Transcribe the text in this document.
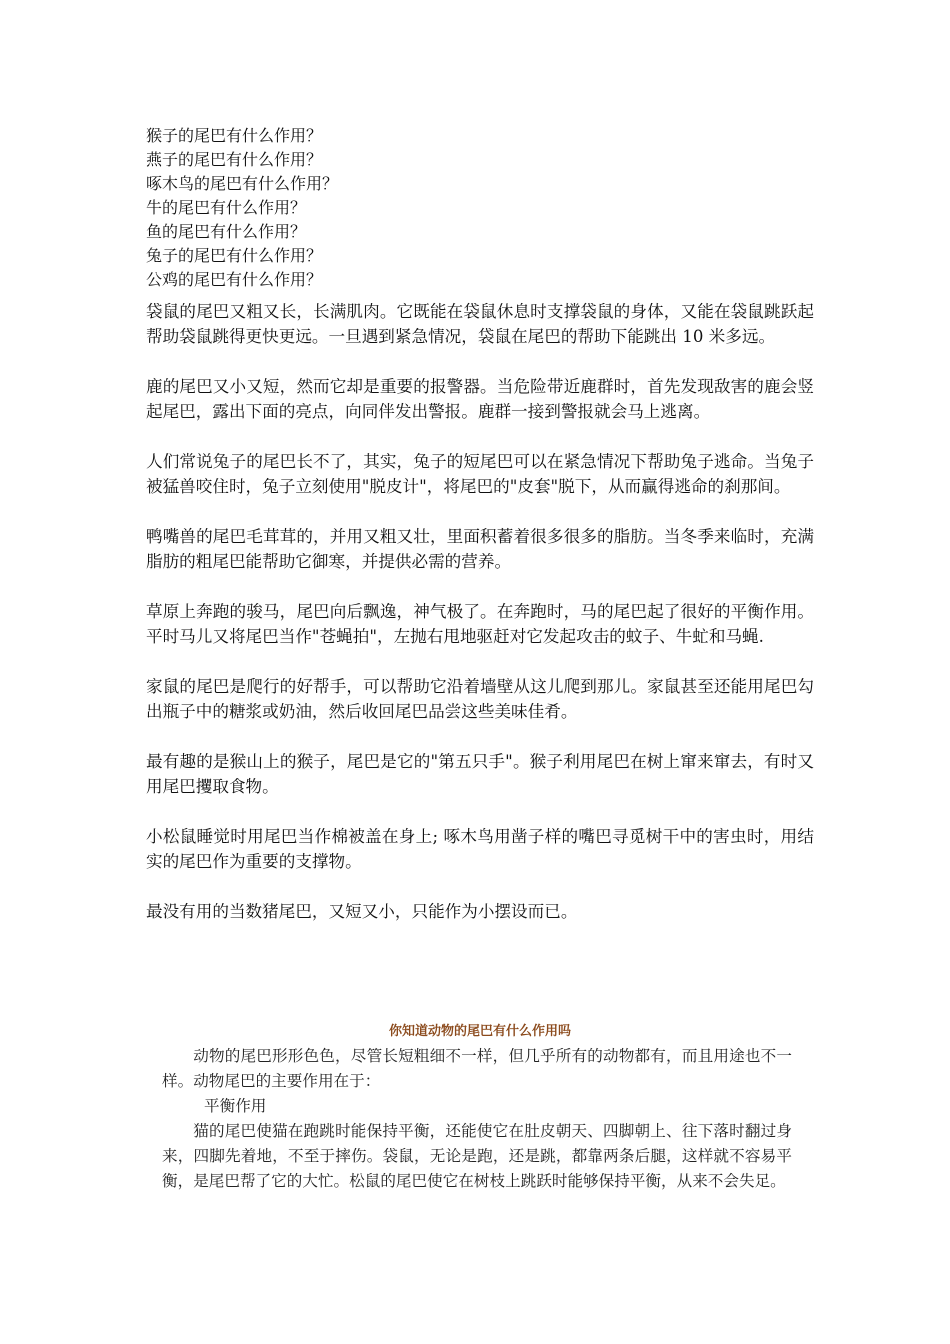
猴子的尾巴有什么作用？
燕子的尾巴有什么作用？
啄木鸟的尾巴有什么作用？
牛的尾巴有什么作用？
鱼的尾巴有什么作用？
兔子的尾巴有什么作用？
公鸡的尾巴有什么作用？

袋鼠的尾巴又粗又长，长满肌肉。它既能在袋鼠休息时支撑袋鼠的身体，又能在袋鼠跳跃起帮助袋鼠跳得更快更远。一旦遇到紧急情况，袋鼠在尾巴的帮助下能跳出 10 米多远。

鹿的尾巴又小又短，然而它却是重要的报警器。当危险带近鹿群时，首先发现敌害的鹿会竖起尾巴，露出下面的亮点，向同伴发出警报。鹿群一接到警报就会马上逃离。

人们常说兔子的尾巴长不了，其实，兔子的短尾巴可以在紧急情况下帮助兔子逃命。当兔子被猛兽咬住时，兔子立刻使用"脱皮计"，将尾巴的"皮套"脱下，从而赢得逃命的刹那间。

鸭嘴兽的尾巴毛茸茸的，并用又粗又壮，里面积蓄着很多很多的脂肪。当冬季来临时，充满脂肪的粗尾巴能帮助它御寒，并提供必需的营养。

草原上奔跑的骏马，尾巴向后飘逸，神气极了。在奔跑时，马的尾巴起了很好的平衡作用。平时马儿又将尾巴当作"苍蝇拍"，左抛右甩地驱赶对它发起攻击的蚊子、牛虻和马蝇.

家鼠的尾巴是爬行的好帮手，可以帮助它沿着墙壁从这儿爬到那儿。家鼠甚至还能用尾巴勾出瓶子中的糖浆或奶油，然后收回尾巴品尝这些美味佳肴。

最有趣的是猴山上的猴子，尾巴是它的"第五只手"。猴子利用尾巴在树上窜来窜去，有时又用尾巴攫取食物。

小松鼠睡觉时用尾巴当作棉被盖在身上; 啄木鸟用凿子样的嘴巴寻觅树干中的害虫时，用结实的尾巴作为重要的支撑物。

最没有用的当数猪尾巴，又短又小，只能作为小摆设而已。

你知道动物的尾巴有什么作用吗

动物的尾巴形形色色，尽管长短粗细不一样，但几乎所有的动物都有，而且用途也不一样。动物尾巴的主要作用在于：

平衡作用

猫的尾巴使猫在跑跳时能保持平衡，还能使它在肚皮朝天、四脚朝上、往下落时翻过身来，四脚先着地，不至于摔伤。袋鼠，无论是跑，还是跳，都靠两条后腿，这样就不容易平衡，是尾巴帮了它的大忙。松鼠的尾巴使它在树枝上跳跃时能够保持平衡，从来不会失足。
